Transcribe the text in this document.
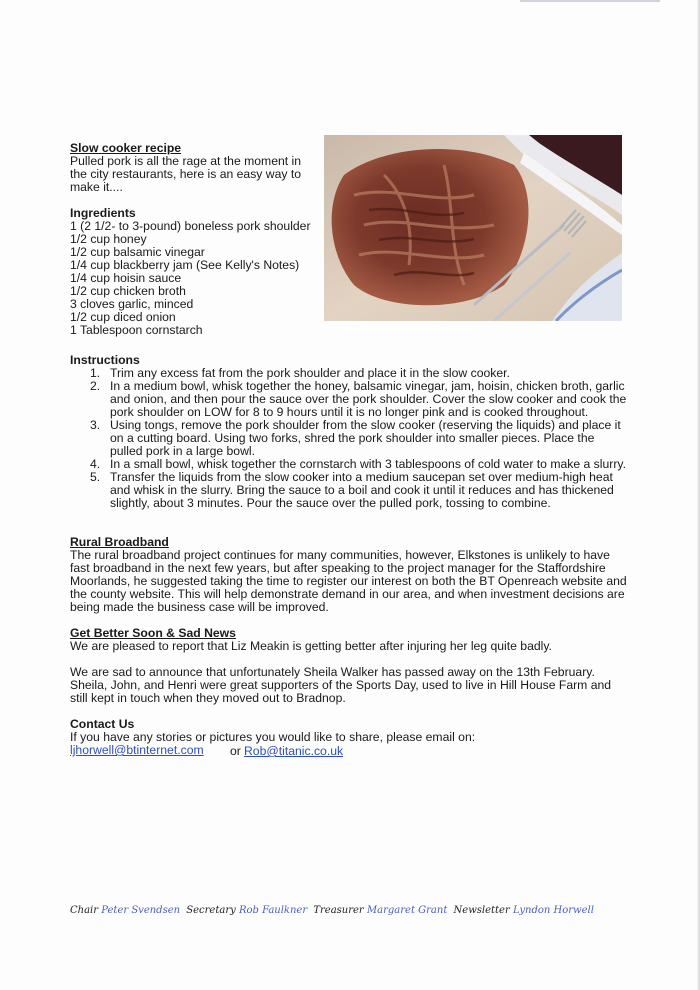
Slow cooker recipe
Pulled pork is all the rage at the moment in
the city restaurants, here is an easy way to
make it....
Ingredients
1 (2 1/2- to 3-pound) boneless pork shoulder
1/2 cup honey
1/2 cup balsamic vinegar
1/4 cup blackberry jam (See Kelly's Notes)
1/4 cup hoisin sauce
1/2 cup chicken broth
3 cloves garlic, minced
1/2 cup diced onion
1 Tablespoon cornstarch
Instructions
1. Trim any excess fat from the pork shoulder and place it in the slow cooker.
2. In a medium bowl, whisk together the honey, balsamic vinegar, jam, hoisin, chicken broth, garlic
and onion, and then pour the sauce over the pork shoulder. Cover the slow cooker and cook the
pork shoulder on LOW for 8 to 9 hours until it is no longer pink and is cooked throughout.
3. Using tongs, remove the pork shoulder from the slow cooker (reserving the liquids) and place it
on a cutting board. Using two forks, shred the pork shoulder into smaller pieces. Place the
pulled pork in a large bowl.
4. In a small bowl, whisk together the cornstarch with 3 tablespoons of cold water to make a slurry.
5. Transfer the liquids from the slow cooker into a medium saucepan set over medium-high heat
and whisk in the slurry. Bring the sauce to a boil and cook it until it reduces and has thickened
slightly, about 3 minutes. Pour the sauce over the pulled pork, tossing to combine.
Rural Broadband
The rural broadband project continues for many communities, however, Elkstones is unlikely to have
fast broadband in the next few years, but after speaking to the project manager for the Staffordshire
Moorlands, he suggested taking the time to register our interest on both the BT Openreach website and
the county website. This will help demonstrate demand in our area, and when investment decisions are
being made the business case will be improved.
Get Better Soon & Sad News
We are pleased to report that Liz Meakin is getting better after injuring her leg quite badly.
We are sad to announce that unfortunately Sheila Walker has passed away on the 13th February.
Sheila, John, and Henri were great supporters of the Sports Day, used to live in Hill House Farm and
still kept in touch when they moved out to Bradnop.
Contact Us
If you have any stories or pictures you would like to share, please email on:
ljhorwell@btinternet.com or Rob@titanic.co.uk
Chair Peter Svendsen Secretary Rob Faulkner Treasurer Margaret Grant Newsletter Lyndon Horwell
